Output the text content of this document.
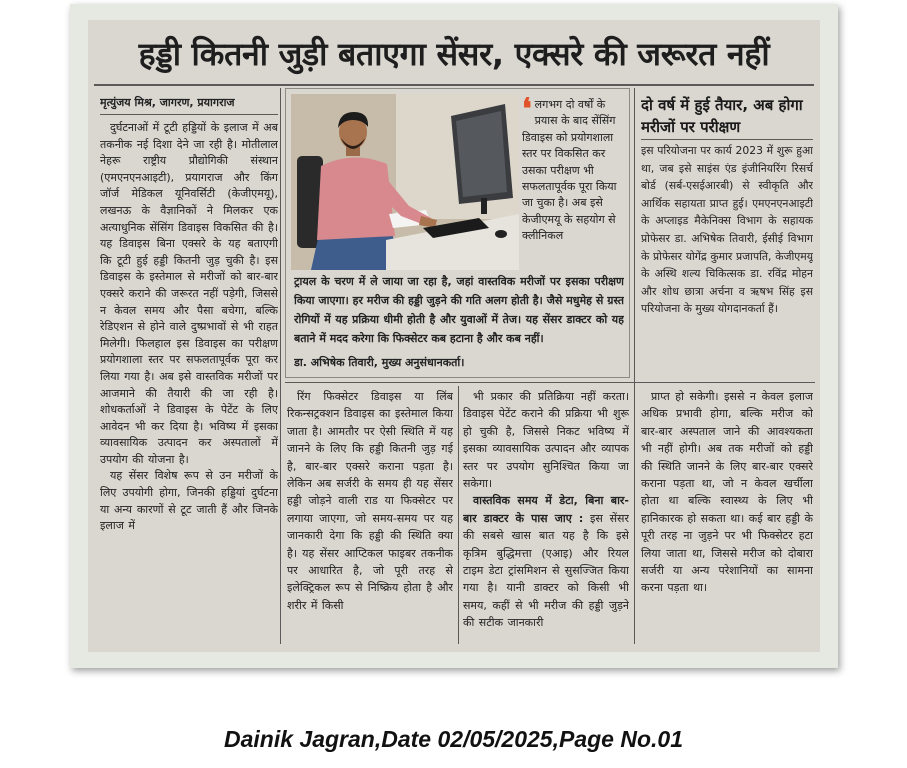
हड्डी कितनी जुड़ी बताएगा सेंसर, एक्सरे की जरूरत नहीं
मृत्युंजय मिश्र, जागरण, प्रयागराज

दुर्घटनाओं में टूटी हड्डियों के इलाज में अब तकनीक नई दिशा देने जा रही है। मोतीलाल नेहरू राष्ट्रीय प्रौद्योगिकी संस्थान (एमएनएनआइटी), प्रयागराज और किंग जॉर्ज मेडिकल यूनिवर्सिटी (केजीएमयू), लखनऊ के वैज्ञानिकों ने मिलकर एक अत्याधुनिक सेंसिंग डिवाइस विकसित की है। यह डिवाइस बिना एक्सरे के यह बताएगी कि टूटी हुई हड्डी कितनी जुड़ चुकी है। इस डिवाइस के इस्तेमाल से मरीजों को बार-बार एक्सरे कराने की जरूरत नहीं पड़ेगी, जिससे न केवल समय और पैसा बचेगा, बल्कि रेडिएशन से होने वाले दुष्प्रभावों से भी राहत मिलेगी। फिलहाल इस डिवाइस का परीक्षण प्रयोगशाला स्तर पर सफलतापूर्वक पूरा कर लिया गया है। अब इसे वास्तविक मरीजों पर आजमाने की तैयारी की जा रही है। शोधकर्ताओं ने डिवाइस के पेटेंट के लिए आवेदन भी कर दिया है। भविष्य में इसका व्यावसायिक उत्पादन कर अस्पतालों में उपयोग की योजना है।

यह सेंसर विशेष रूप से उन मरीजों के लिए उपयोगी होगा, जिनकी हड्डियां दुर्घटना या अन्य कारणों से टूट जाती हैं और जिनके इलाज में

❛
लगभग दो वर्षों के प्रयास के बाद सेंसिंग डिवाइस को प्रयोगशाला स्तर पर विकसित कर उसका परीक्षण भी सफलतापूर्वक पूरा किया जा चुका है। अब इसे केजीएमयू के सहयोग से क्लीनिकल
ट्रायल के चरण में ले जाया जा रहा है, जहां वास्तविक मरीजों पर इसका परीक्षण किया जाएगा। हर मरीज की हड्डी जुड़ने की गति अलग होती है। जैसे मधुमेह से ग्रस्त रोगियों में यह प्रक्रिया धीमी होती है और युवाओं में तेज। यह सेंसर डाक्टर को यह बताने में मदद करेगा कि फिक्सेटर कब हटाना है और कब नहीं।
डा. अभिषेक तिवारी, मुख्य अनुसंधानकर्ता।
दो वर्ष में हुई तैयार, अब होगा मरीजों पर परीक्षण
इस परियोजना पर कार्य 2023 में शुरू हुआ था, जब इसे साइंस एंड इंजीनियरिंग रिसर्च बोर्ड (सर्ब-एसईआरबी) से स्वीकृति और आर्थिक सहायता प्राप्त हुई। एमएनएनआइटी के अप्लाइड मैकेनिक्स विभाग के सहायक प्रोफेसर डा. अभिषेक तिवारी, ईसीई विभाग के प्रोफेसर योगेंद्र कुमार प्रजापति, केजीएमयू के अस्थि शल्य चिकित्सक डा. रविंद्र मोहन और शोध छात्रा अर्चना व ऋषभ सिंह इस परियोजना के मुख्य योगदानकर्ता हैं।

रिंग फिक्सेटर डिवाइस या लिंब रिकन्सट्रक्शन डिवाइस का इस्तेमाल किया जाता है। आमतौर पर ऐसी स्थिति में यह जानने के लिए कि हड्डी कितनी जुड़ गई है, बार-बार एक्सरे कराना पड़ता है। लेकिन अब सर्जरी के समय ही यह सेंसर हड्डी जोड़ने वाली राड या फिक्सेटर पर लगाया जाएगा, जो समय-समय पर यह जानकारी देगा कि हड्डी की स्थिति क्या है। यह सेंसर आप्टिकल फाइबर तकनीक पर आधारित है, जो पूरी तरह से इलेक्ट्रिकल रूप से निष्क्रिय होता है और शरीर में किसी

भी प्रकार की प्रतिक्रिया नहीं करता। डिवाइस पेटेंट कराने की प्रक्रिया भी शुरू हो चुकी है, जिससे निकट भविष्य में इसका व्यावसायिक उत्पादन और व्यापक स्तर पर उपयोग सुनिश्चित किया जा सकेगा।

वास्तविक समय में डेटा, बिना बार-बार डाक्टर के पास जाए : इस सेंसर की सबसे खास बात यह है कि इसे कृत्रिम बुद्धिमत्ता (एआइ) और रियल टाइम डेटा ट्रांसमिशन से सुसज्जित किया गया है। यानी डाक्टर को किसी भी समय, कहीं से भी मरीज की हड्डी जुड़ने की सटीक जानकारी

प्राप्त हो सकेगी। इससे न केवल इलाज अधिक प्रभावी होगा, बल्कि मरीज को बार-बार अस्पताल जाने की आवश्यकता भी नहीं होगी। अब तक मरीजों को हड्डी की स्थिति जानने के लिए बार-बार एक्सरे कराना पड़ता था, जो न केवल खर्चीला होता था बल्कि स्वास्थ्य के लिए भी हानिकारक हो सकता था। कई बार हड्डी के पूरी तरह ना जुड़ने पर भी फिक्सेटर हटा लिया जाता था, जिससे मरीज को दोबारा सर्जरी या अन्य परेशानियों का सामना करना पड़ता था।

Dainik Jagran,Date 02/05/2025,Page No.01
